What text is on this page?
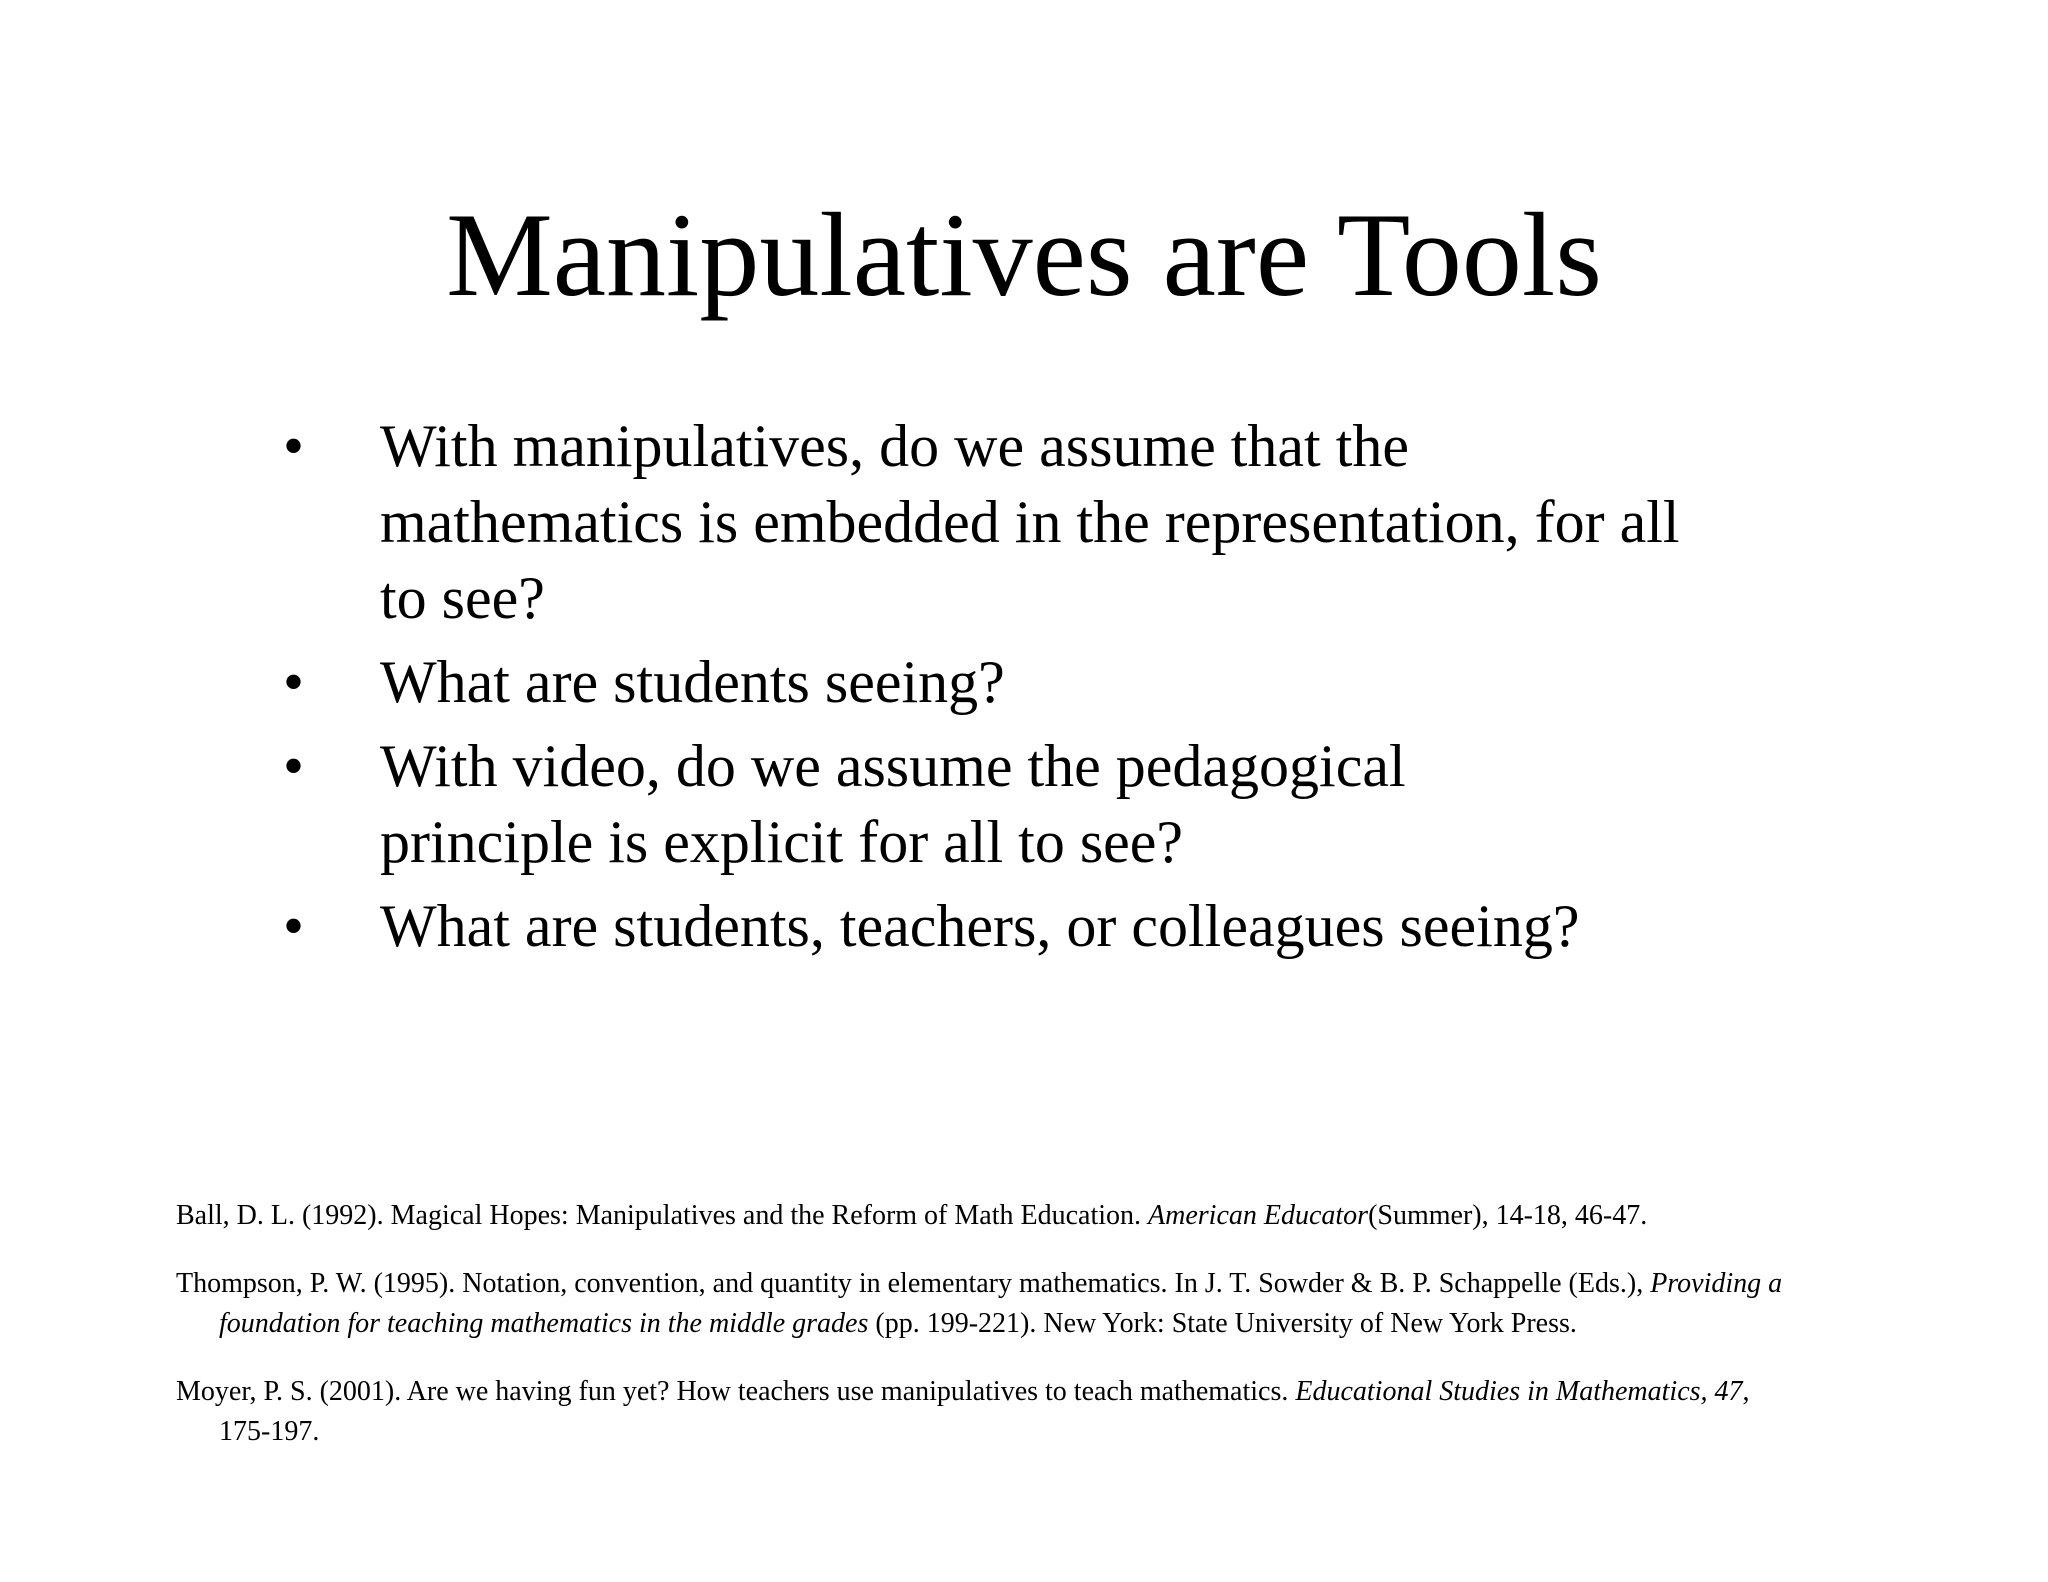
Manipulatives are Tools
•	With manipulatives, do we assume that the mathematics is embedded in the representation, for all to see?
•	What are students seeing?
•	With video, do we assume the pedagogical principle is explicit for all to see?
•	What are students, teachers, or colleagues seeing?

Ball, D. L. (1992). Magical Hopes: Manipulatives and the Reform of Math Education. American Educator(Summer), 14-18, 46-47.

Thompson, P. W. (1995). Notation, convention, and quantity in elementary mathematics. In J. T. Sowder & B. P. Schappelle (Eds.), Providing a foundation for teaching mathematics in the middle grades (pp. 199-221). New York: State University of New York Press.

Moyer, P. S. (2001). Are we having fun yet? How teachers use manipulatives to teach mathematics. Educational Studies in Mathematics, 47, 175-197.
